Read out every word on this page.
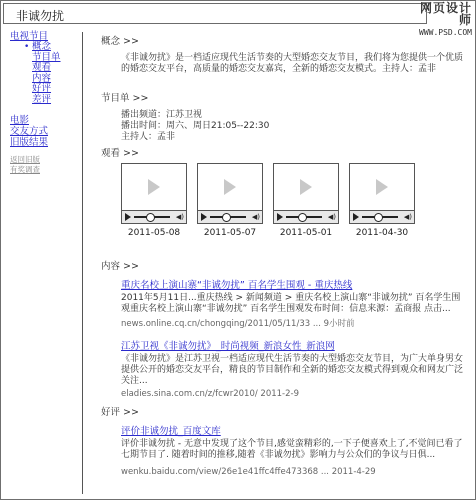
非诚勿扰
网页设计师
WWW.PSD.COM
电视节目
• 概念
节目单
观看
内容
好评
差评
电影
交友方式
旧版结果
返回旧版
有奖调查
概念 >>
《非诚勿扰》是一档适应现代生活节奏的大型婚恋交友节目，我们将为您提供一个优质的婚恋交友平台，高质量的婚恋交友嘉宾，全新的婚恋交友模式。主持人：孟非
节目单 >>
播出频道：江苏卫视
播出时间：周六、周日21:05--22:30
主持人：孟非
观看 >>
◀)
2011-05-08
◀)
2011-05-07
◀)
2011-05-01
◀)
2011-04-30
内容 >>
重庆名校上演山寨“非诚勿扰” 百名学生围观 - 重庆热线
2011年5月11日...重庆热线 > 新闻频道 > 重庆名校上演山寨“非诚勿扰” 百名学生围观重庆名校上演山寨“非诚勿扰” 百名学生围观发布时间：信息来源：孟商报 点击...
news.online.cq.cn/chongqing/2011/05/11/33 ... 9小时前
江苏卫视《非诚勿扰》_时尚视频_新浪女性_新浪网
《非诚勿扰》是江苏卫视一档适应现代生活节奏的大型婚恋交友节目，为广大单身男女提供公开的婚恋交友平台，精良的节目制作和全新的婚恋交友模式得到观众和网友广泛关注...
eladies.sina.com.cn/z/fcwr2010/ 2011-2-9
好评 >>
评价非诚勿扰_百度文库
评价非诚勿扰 - 无意中发现了这个节目,感觉蛮精彩的,一下子便喜欢上了,不觉间已看了七期节目了. 随着时间的推移,随着《非诚勿扰》影响力与公众们的争议与日俱...
wenku.baidu.com/view/26e1e41ffc4ffe473368 ... 2011-4-29
